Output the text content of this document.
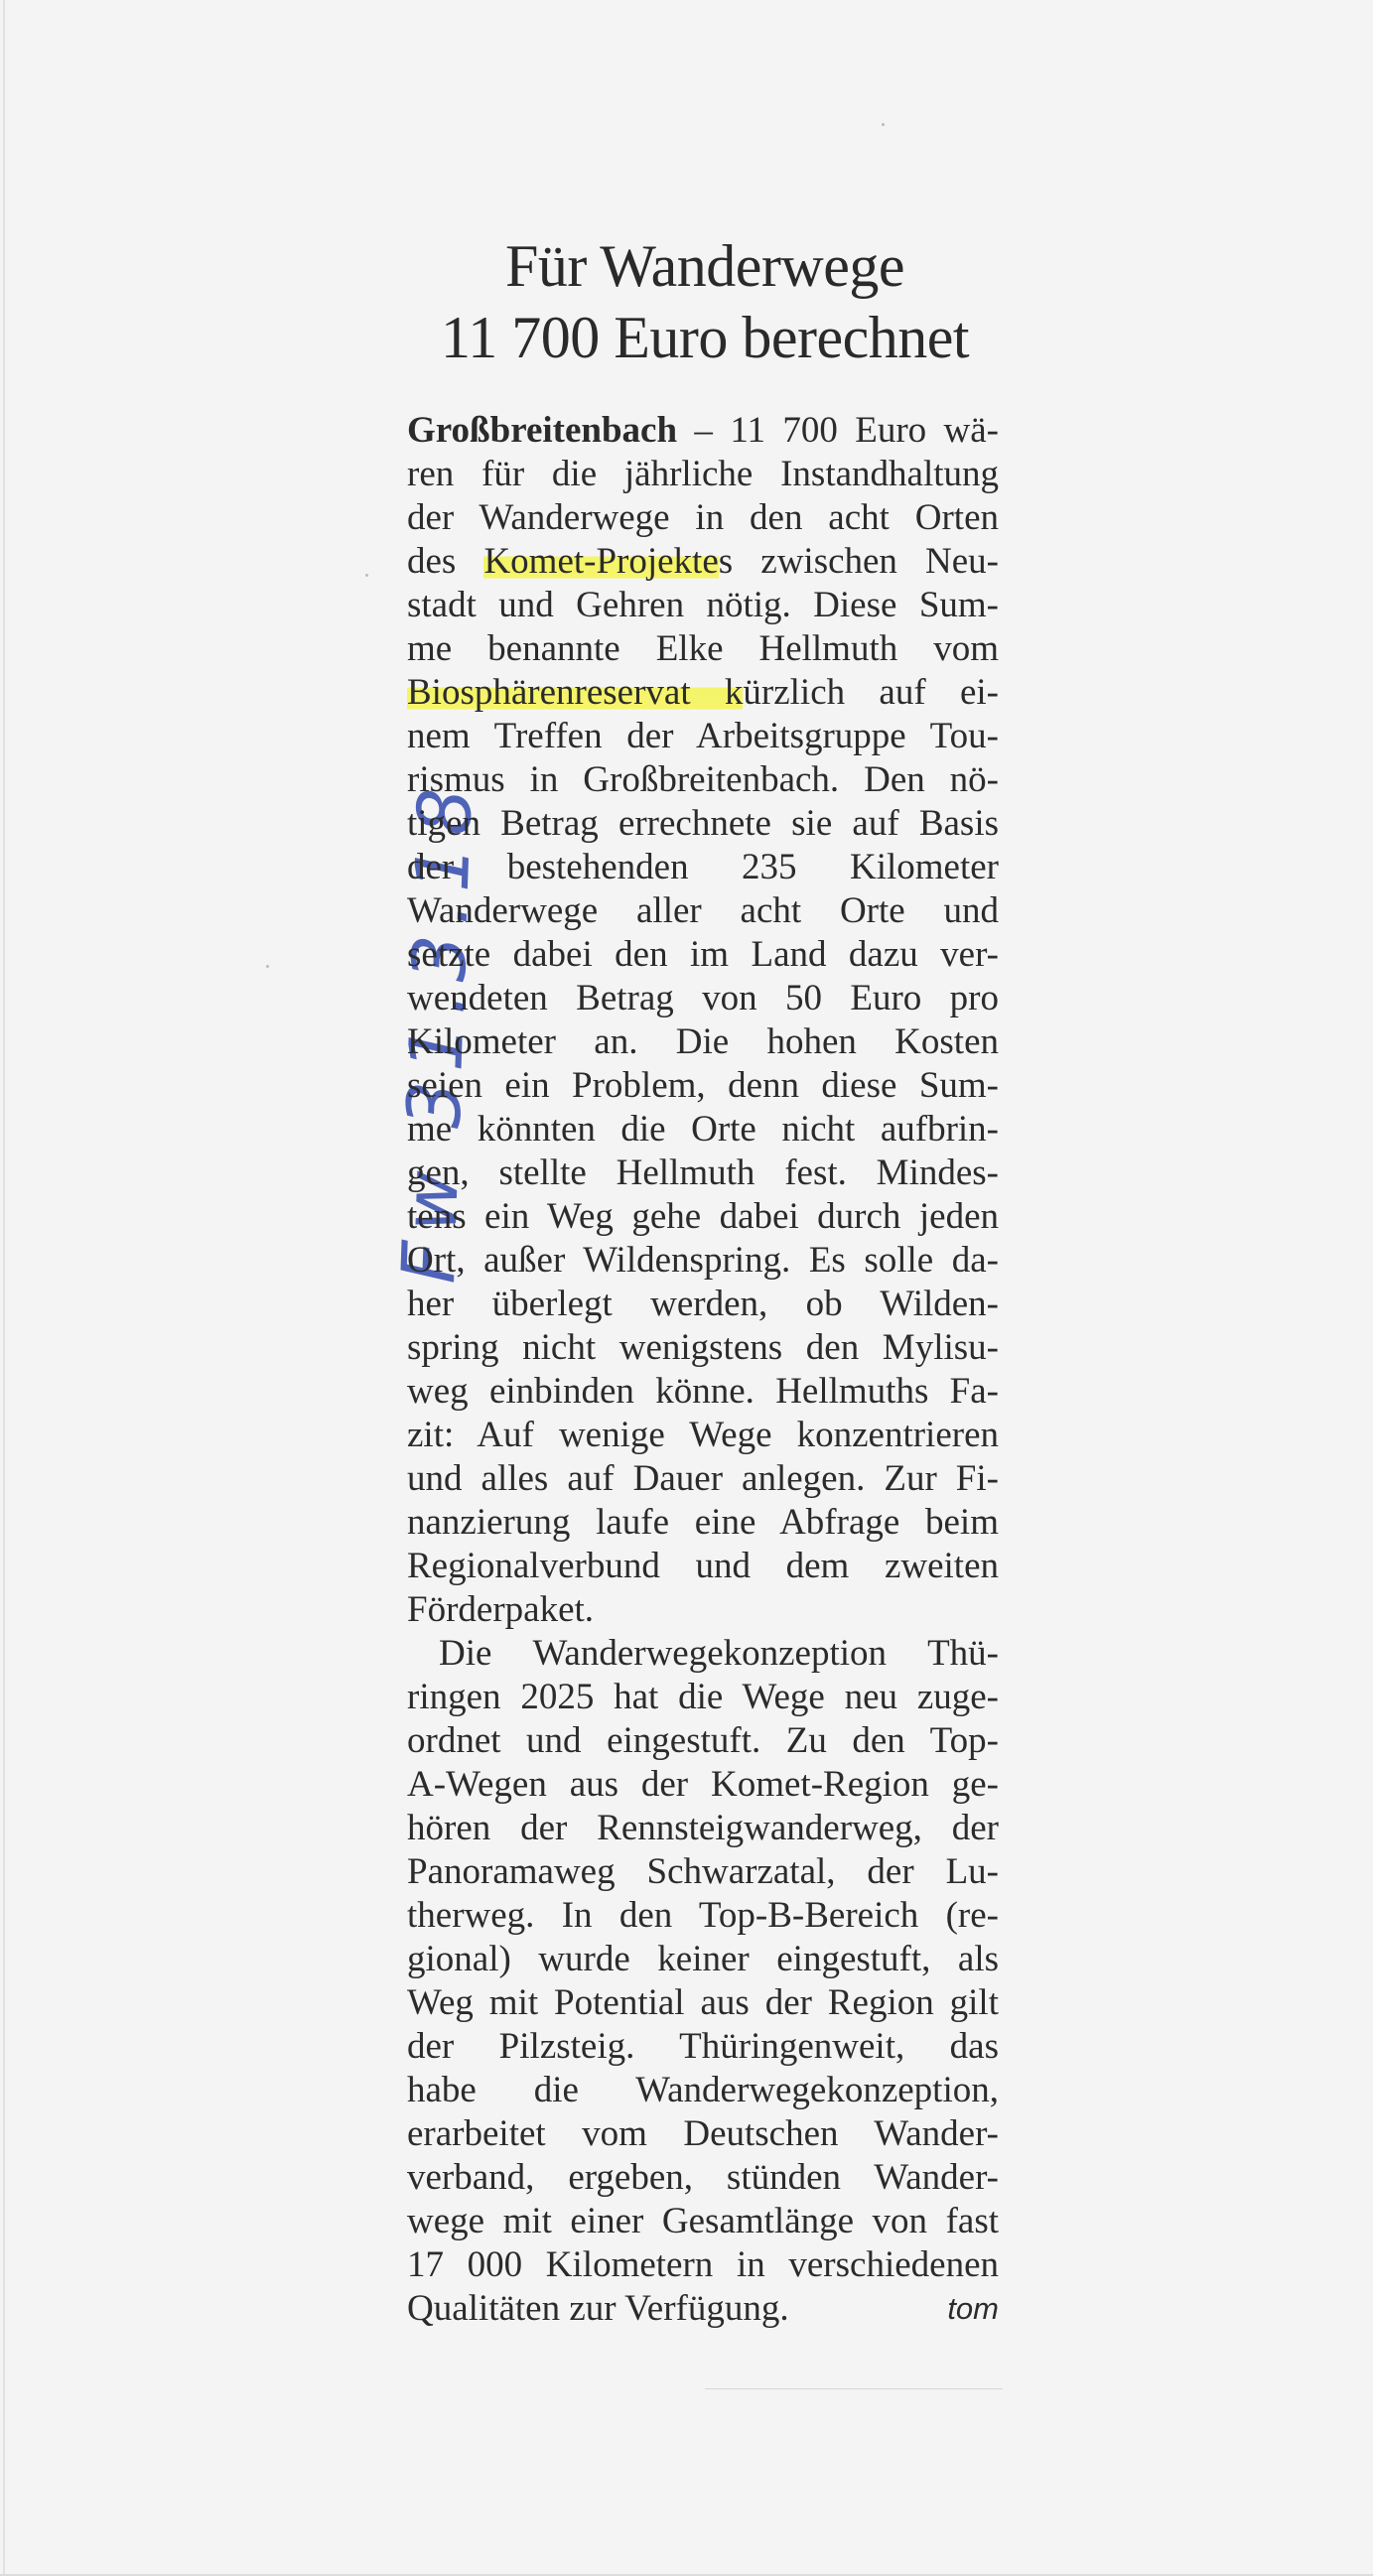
Für Wanderwege
11 700 Euro berechnet
Fw 31.3.18
Großbreitenbach – 11 700 Euro wä-
ren für die jährliche Instandhaltung
der Wanderwege in den acht Orten
des Komet-Projektes zwischen Neu-
stadt und Gehren nötig. Diese Sum-
me benannte Elke Hellmuth vom
Biosphärenreservat kürzlich auf ei-
nem Treffen der Arbeitsgruppe Tou-
rismus in Großbreitenbach. Den nö-
tigen Betrag errechnete sie auf Basis
der bestehenden 235 Kilometer
Wanderwege aller acht Orte und
setzte dabei den im Land dazu ver-
wendeten Betrag von 50 Euro pro
Kilometer an. Die hohen Kosten
seien ein Problem, denn diese Sum-
me könnten die Orte nicht aufbrin-
gen, stellte Hellmuth fest. Mindes-
tens ein Weg gehe dabei durch jeden
Ort, außer Wildenspring. Es solle da-
her überlegt werden, ob Wilden-
spring nicht wenigstens den Mylisu-
weg einbinden könne. Hellmuths Fa-
zit: Auf wenige Wege konzentrieren
und alles auf Dauer anlegen. Zur Fi-
nanzierung laufe eine Abfrage beim
Regionalverbund und dem zweiten
Förderpaket.
Die Wanderwegekonzeption Thü-
ringen 2025 hat die Wege neu zuge-
ordnet und eingestuft. Zu den Top-
A-Wegen aus der Komet-Region ge-
hören der Rennsteigwanderweg, der
Panoramaweg Schwarzatal, der Lu-
therweg. In den Top-B-Bereich (re-
gional) wurde keiner eingestuft, als
Weg mit Potential aus der Region gilt
der Pilzsteig. Thüringenweit, das
habe die Wanderwegekonzeption,
erarbeitet vom Deutschen Wander-
verband, ergeben, stünden Wander-
wege mit einer Gesamtlänge von fast
17 000 Kilometern in verschiedenen
Qualitäten zur Verfügung.	tom
